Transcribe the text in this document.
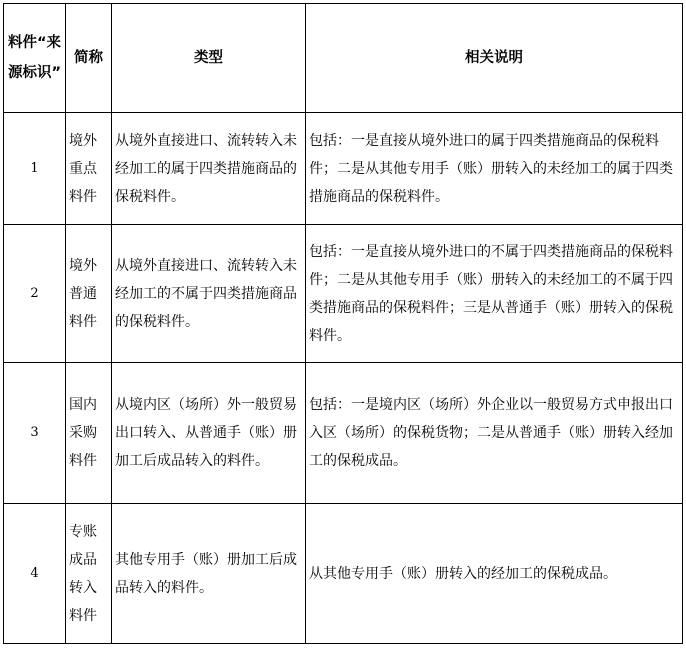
料件“来源标识”	简称	类型	相关说明
1	境外重点料件	从境外直接进口、流转转入未经加工的属于四类措施商品的保税料件。	包括：一是直接从境外进口的属于四类措施商品的保税料件；二是从其他专用手（账）册转入的未经加工的属于四类措施商品的保税料件。
2	境外普通料件	从境外直接进口、流转转入未经加工的不属于四类措施商品的保税料件。	包括：一是直接从境外进口的不属于四类措施商品的保税料件；二是从其他专用手（账）册转入的未经加工的不属于四类措施商品的保税料件；三是从普通手（账）册转入的保税料件。
3	国内采购料件	从境内区（场所）外一般贸易出口转入、从普通手（账）册加工后成品转入的料件。	包括：一是境内区（场所）外企业以一般贸易方式申报出口入区（场所）的保税货物；二是从普通手（账）册转入经加工的保税成品。
4	专账成品转入料件	其他专用手（账）册加工后成品转入的料件。	从其他专用手（账）册转入的经加工的保税成品。
